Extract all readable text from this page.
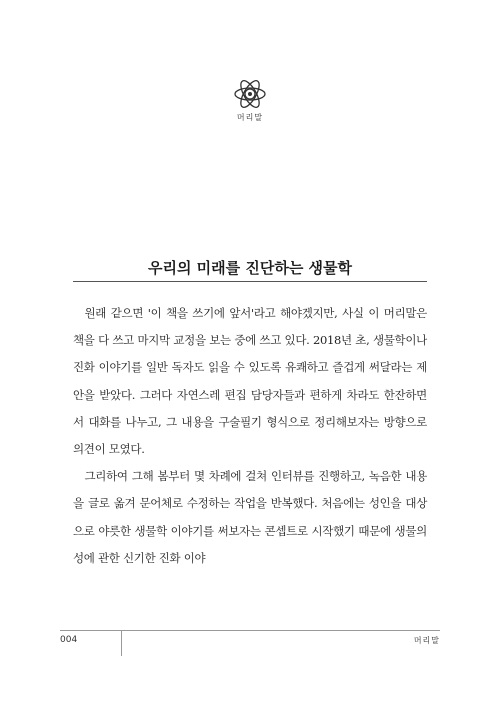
머리말
우리의 미래를 진단하는 생물학

원래 같으면 '이 책을 쓰기에 앞서'라고 해야겠지만, 사실 이 머리말은 책을 다 쓰고 마지막 교정을 보는 중에 쓰고 있다. 2018년 초, 생물학이나 진화 이야기를 일반 독자도 읽을 수 있도록 유쾌하고 즐겁게 써달라는 제안을 받았다. 그러다 자연스레 편집 담당자들과 편하게 차라도 한잔하면서 대화를 나누고, 그 내용을 구술필기 형식으로 정리해보자는 방향으로 의견이 모였다.

그리하여 그해 봄부터 몇 차례에 걸쳐 인터뷰를 진행하고, 녹음한 내용을 글로 옮겨 문어체로 수정하는 작업을 반복했다. 처음에는 성인을 대상으로 야릇한 생물학 이야기를 써보자는 콘셉트로 시작했기 때문에 생물의 성에 관한 신기한 진화 이야

004	머리말
